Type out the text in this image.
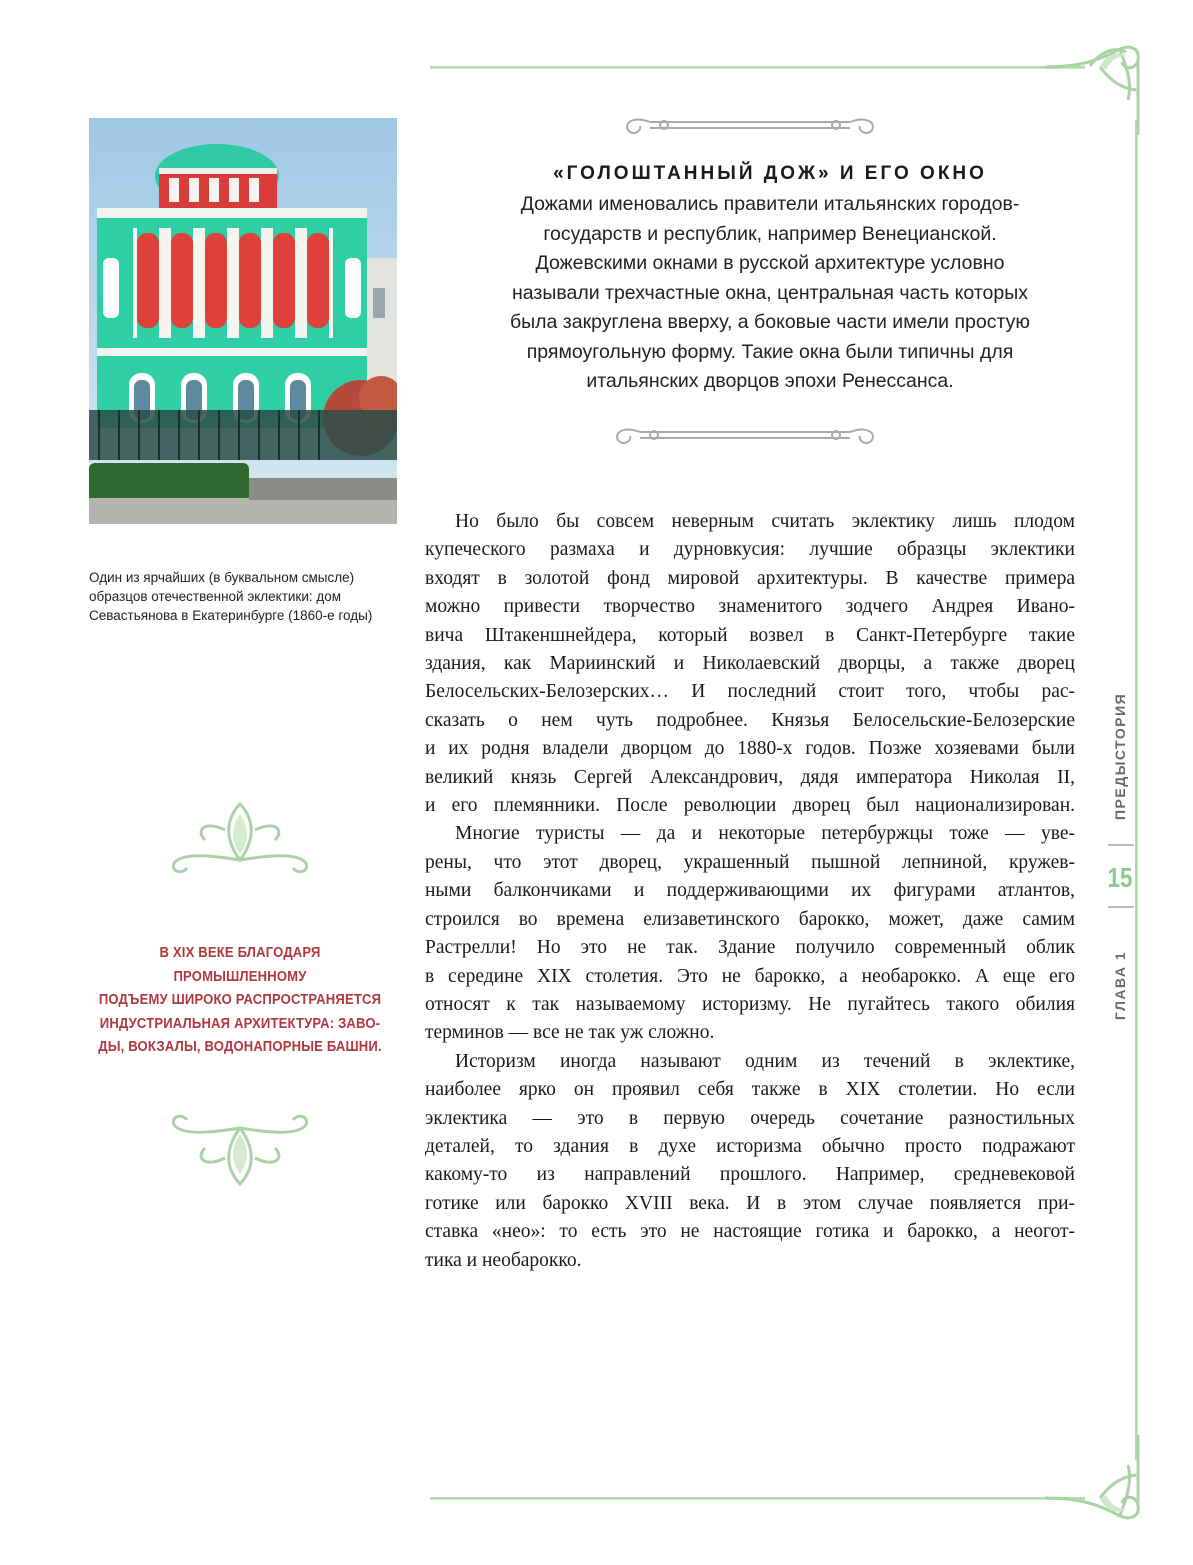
Один из ярчайших (в буквальном смысле) образцов отечественной эклектики: дом Севастьянова в Екатеринбурге (1860-е годы)
В XIX ВЕКЕ БЛАГОДАРЯ ПРОМЫШЛЕННОМУ
ПОДЪЕМУ ШИРОКО РАСПРОСТРАНЯЕТСЯ
ИНДУСТРИАЛЬНАЯ АРХИТЕКТУРА: ЗАВО-
ДЫ, ВОКЗАЛЫ, ВОДОНАПОРНЫЕ БАШНИ.
«ГОЛОШТАННЫЙ ДОЖ» И ЕГО ОКНО
Дожами именовались правители итальянских городов-
государств и республик, например Венецианской.
Дожевскими окнами в русской архитектуре условно
называли трехчастные окна, центральная часть которых
была закруглена вверху, а боковые части имели простую
прямоугольную форму. Такие окна были типичны для
итальянских дворцов эпохи Ренессанса.
Но было бы совсем неверным считать эклектику лишь плодом
купеческого размаха и дурновкусия: лучшие образцы эклектики
входят в золотой фонд мировой архитектуры. В качестве примера
можно привести творчество знаменитого зодчего Андрея Ивано-
вича Штакеншнейдера, который возвел в Санкт-Петербурге такие
здания, как Мариинский и Николаевский дворцы, а также дворец
Белосельских-Белозерских… И последний стоит того, чтобы рас-
сказать о нем чуть подробнее. Князья Белосельские-Белозерские
и их родня владели дворцом до 1880-х годов. Позже хозяевами были
великий князь Сергей Александрович, дядя императора Николая II,
и его племянники. После революции дворец был национализирован.
Многие туристы — да и некоторые петербуржцы тоже — уве-
рены, что этот дворец, украшенный пышной лепниной, кружев-
ными балкончиками и поддерживающими их фигурами атлантов,
строился во времена елизаветинского барокко, может, даже самим
Растрелли! Но это не так. Здание получило современный облик
в середине XIX столетия. Это не барокко, а необарокко. А еще его
относят к так называемому историзму. Не пугайтесь такого обилия
терминов — все не так уж сложно.
Историзм иногда называют одним из течений в эклектике,
наиболее ярко он проявил себя также в XIX столетии. Но если
эклектика — это в первую очередь сочетание разностильных
деталей, то здания в духе историзма обычно просто подражают
какому-то из направлений прошлого. Например, средневековой
готике или барокко XVIII века. И в этом случае появляется при-
ставка «нео»: то есть это не настоящие готика и барокко, а неогот-
тика и необарокко.
ПРЕДЫСТОРИЯ
15
ГЛАВА 1
